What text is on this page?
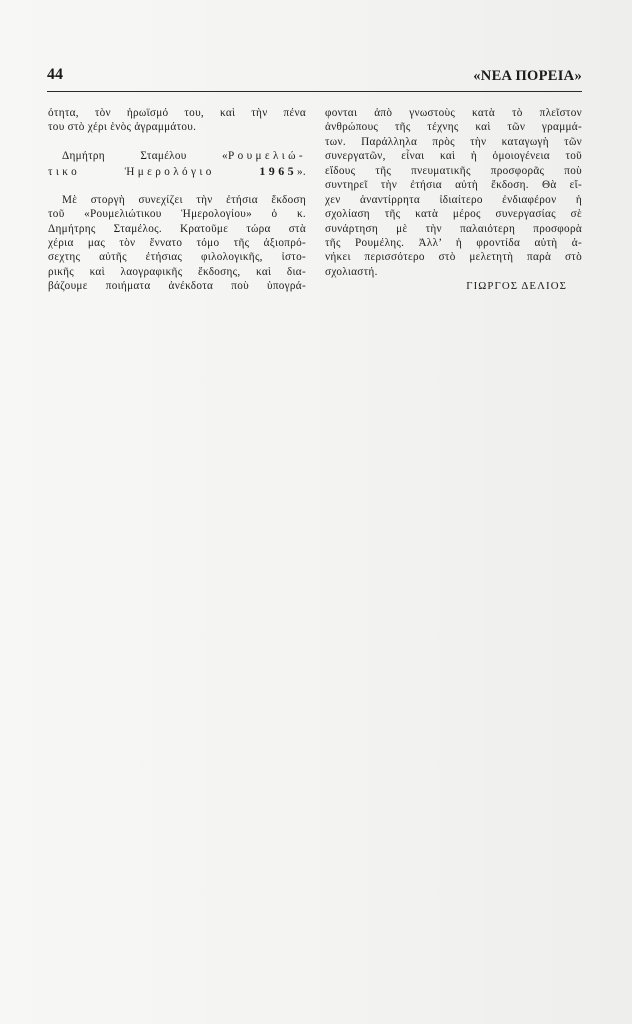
44	«ΝΕΑ ΠΟΡΕΙΑ»
ότητα, τὸν ἡρωϊσμό του, καὶ τὴν πένα
του στὸ χέρι ἑνὸς ἀγραμμάτου.
Δημήτρη Σταμέλου «Ρουμελιώ-
τικο Ἡμερολόγιο 1965».
Μὲ στοργὴ συνεχίζει τὴν ἐτήσια ἔκδοση
τοῦ «Ρουμελιώτικου Ἡμερολογίου» ὁ κ.
Δημήτρης Σταμέλος. Κρατοῦμε τώρα στὰ
χέρια μας τὸν ἔννατο τόμο τῆς ἀξιοπρό-
σεχτης αὐτῆς ἐτήσιας φιλολογικῆς, ἱστο-
ρικῆς καὶ λαογραφικῆς ἔκδοσης, καὶ δια-
βάζουμε ποιήματα ἀνέκδοτα ποὺ ὑπογρά-
φονται ἀπὸ γνωστοὺς κατὰ τὸ πλεῖστον
ἀνθρώπους τῆς τέχνης καὶ τῶν γραμμά-
των. Παράλληλα πρὸς τὴν καταγωγὴ τῶν
συνεργατῶν, εἶναι καὶ ἡ ὁμοιογένεια τοῦ
εἴδους τῆς πνευματικῆς προσφορᾶς ποὺ
συντηρεῖ τὴν ἐτήσια αὐτὴ ἔκδοση. Θὰ εἴ-
χεν ἀναντίρρητα ἰδιαίτερο ἐνδιαφέρον ἡ
σχολίαση τῆς κατὰ μέρος συνεργασίας σὲ
συνάρτηση μὲ τὴν παλαιότερη προσφορὰ
τῆς Ρουμέλης. Ἀλλ’ ἡ φροντίδα αὐτὴ ἀ-
νήκει περισσότερο στὸ μελετητὴ παρὰ στὸ
σχολιαστή.
ΓΙΩΡΓΟΣ ΔΕΛΙΟΣ
